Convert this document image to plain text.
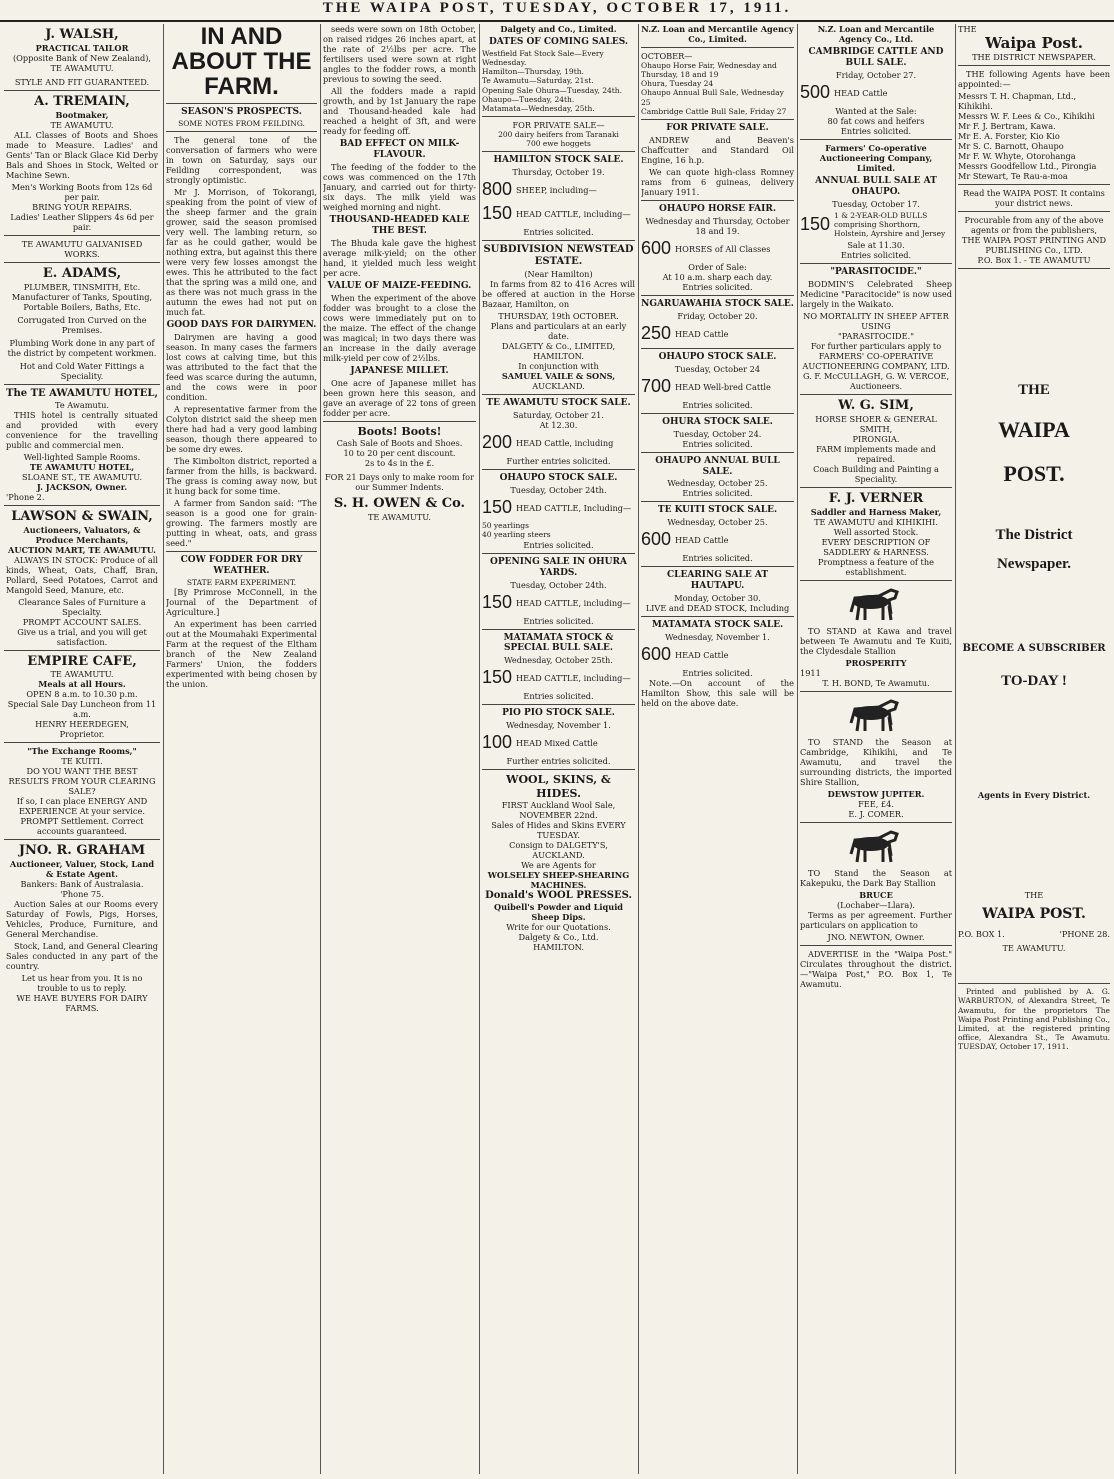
THE WAIPA POST, TUESDAY, OCTOBER 17, 1911.
J. WALSH,
PRACTICAL TAILOR
(Opposite Bank of New Zealand),
TE AWAMUTU.
STYLE AND FIT GUARANTEED.
A. TREMAIN,
Bootmaker,
TE AWAMUTU.

ALL Classes of Boots and Shoes made to Measure. Ladies' and Gents' Tan or Black Glace Kid Derby Bals and Shoes in Stock, Welted or Machine Sewn.

Men's Working Boots from 12s 6d per pair.
BRING YOUR REPAIRS.
Ladies' Leather Slippers 4s 6d per pair.
TE AWAMUTU GALVANISED WORKS.
E. ADAMS,
PLUMBER, TINSMITH, Etc.
Manufacturer of Tanks, Spouting, Portable Boilers, Baths, Etc.
Corrugated Iron Curved on the Premises.
Plumbing Work done in any part of the district by competent workmen.
Hot and Cold Water Fittings a Speciality.
The TE AWAMUTU HOTEL,
Te Awamutu.

THIS hotel is centrally situated and provided with every convenience for the travelling public and commercial men.

Well-lighted Sample Rooms.
TE AWAMUTU HOTEL,
SLOANE ST., TE AWAMUTU.
J. JACKSON, Owner.
'Phone 2.
LAWSON & SWAIN,
Auctioneers, Valuators, & Produce Merchants,
AUCTION MART, TE AWAMUTU.

ALWAYS IN STOCK: Produce of all kinds, Wheat, Oats, Chaff, Bran, Pollard, Seed Potatoes, Carrot and Mangold Seed, Manure, etc.

Clearance Sales of Furniture a Specialty.
PROMPT ACCOUNT SALES.
Give us a trial, and you will get satisfaction.
EMPIRE CAFE,
TE AWAMUTU.
Meals at all Hours.
OPEN 8 a.m. to 10.30 p.m.
Special Sale Day Luncheon from 11 a.m.
HENRY HEERDEGEN,
Proprietor.
"The Exchange Rooms,"
TE KUITI.
DO YOU WANT THE BEST RESULTS FROM YOUR CLEARING SALE?
If so, I can place ENERGY AND EXPERIENCE At your service.
PROMPT Settlement. Correct accounts guaranteed.
JNO. R. GRAHAM
Auctioneer, Valuer, Stock, Land & Estate Agent.
Bankers: Bank of Australasia. 'Phone 75.

Auction Sales at our Rooms every Saturday of Fowls, Pigs, Horses, Vehicles, Produce, Furniture, and General Merchandise.

Stock, Land, and General Clearing Sales conducted in any part of the country.

Let us hear from you. It is no trouble to us to reply.
WE HAVE BUYERS FOR DAIRY FARMS.
IN AND ABOUT THE FARM.
SEASON'S PROSPECTS.
SOME NOTES FROM FEILDING.

The general tone of the conversation of farmers who were in town on Saturday, says our Feilding correspondent, was strongly optimistic.

Mr J. Morrison, of Tokorangi, speaking from the point of view of the sheep farmer and the grain grower, said the season promised very well. The lambing return, so far as he could gather, would be nothing extra, but against this there were very few losses amongst the ewes. This he attributed to the fact that the spring was a mild one, and as there was not much grass in the autumn the ewes had not put on much fat.

GOOD DAYS FOR DAIRYMEN.

Dairymen are having a good season. In many cases the farmers lost cows at calving time, but this was attributed to the fact that the feed was scarce during the autumn, and the cows were in poor condition.

A representative farmer from the Colyton district said the sheep men there had had a very good lambing season, though there appeared to be some dry ewes.

The Kimbolton district, reported a farmer from the hills, is backward. The grass is coming away now, but it hung back for some time.

A farmer from Sandon said: "The season is a good one for grain-growing. The farmers mostly are putting in wheat, oats, and grass seed."

COW FODDER FOR DRY WEATHER.
STATE FARM EXPERIMENT.

[By Primrose McConnell, in the Journal of the Department of Agriculture.]

An experiment has been carried out at the Moumahaki Experimental Farm at the request of the Eltham branch of the New Zealand Farmers' Union, the fodders experimented with being chosen by the union.

seeds were sown on 18th October, on raised ridges 26 inches apart, at the rate of 2½lbs per acre. The fertilisers used were sown at right angles to the fodder rows, a month previous to sowing the seed.

All the fodders made a rapid growth, and by 1st January the rape and Thousand-headed kale had reached a height of 3ft, and were ready for feeding off.

BAD EFFECT ON MILK-FLAVOUR.

The feeding of the fodder to the cows was commenced on the 17th January, and carried out for thirty-six days. The milk yield was weighed morning and night.

THOUSAND-HEADED KALE THE BEST.

The Bhuda kale gave the highest average milk-yield; on the other hand, it yielded much less weight per acre.

VALUE OF MAIZE-FEEDING.

When the experiment of the above fodder was brought to a close the cows were immediately put on to the maize. The effect of the change was magical; in two days there was an increase in the daily average milk-yield per cow of 2½lbs.

JAPANESE MILLET.

One acre of Japanese millet has been grown here this season, and gave an average of 22 tons of green fodder per acre.

Boots! Boots!
Cash Sale of Boots and Shoes.
10 to 20 per cent discount.
2s to 4s in the £.
FOR 21 Days only to make room for our Summer Indents.
S. H. OWEN & Co.
TE AWAMUTU.
Dalgety and Co., Limited.
DATES OF COMING SALES.
Westfield Fat Stock Sale—Every Wednesday.
Hamilton—Thursday, 19th.
Te Awamutu—Saturday, 21st.
Opening Sale Ohura—Tuesday, 24th.
Ohaupo—Tuesday, 24th.
Matamata—Wednesday, 25th.
FOR PRIVATE SALE—
200 dairy heifers from Taranaki
700 ewe hoggets
HAMILTON STOCK SALE.
Thursday, October 19.
800 SHEEP, including—
150 HEAD CATTLE, including—
Entries solicited.
SUBDIVISION NEWSTEAD ESTATE.
(Near Hamilton)

In farms from 82 to 416 Acres will be offered at auction in the Horse Bazaar, Hamilton, on

THURSDAY, 19th OCTOBER.
Plans and particulars at an early date.
DALGETY & Co., LIMITED, HAMILTON.
In conjunction with
SAMUEL VAILE & SONS,
AUCKLAND.
TE AWAMUTU STOCK SALE.
Saturday, October 21.
At 12.30.
200 HEAD Cattle, including
Further entries solicited.
OHAUPO STOCK SALE.
Tuesday, October 24th.
150 HEAD CATTLE, Including—
50 yearlings
40 yearling steers
Entries solicited.
OPENING SALE IN OHURA YARDS.
Tuesday, October 24th.
150 HEAD CATTLE, including—
Entries solicited.
MATAMATA STOCK & SPECIAL BULL SALE.
Wednesday, October 25th.
150 HEAD CATTLE, including—
Entries solicited.
PIO PIO STOCK SALE.
Wednesday, November 1.
100 HEAD Mixed Cattle
Further entries solicited.
WOOL, SKINS, & HIDES.
FIRST Auckland Wool Sale, NOVEMBER 22nd.
Sales of Hides and Skins EVERY TUESDAY.
Consign to DALGETY'S, AUCKLAND.
We are Agents for
WOLSELEY SHEEP-SHEARING MACHINES.
Donald's WOOL PRESSES.
Quibell's Powder and Liquid Sheep Dips.
Write for our Quotations.
Dalgety & Co., Ltd.
HAMILTON.
N.Z. Loan and Mercantile Agency Co., Limited.
OCTOBER—
Ohaupo Horse Fair, Wednesday and Thursday, 18 and 19
Ohura, Tuesday 24
Ohaupo Annual Bull Sale, Wednesday 25
Cambridge Cattle Bull Sale, Friday 27
FOR PRIVATE SALE.

ANDREW and Beaven's Chaffcutter and Standard Oil Engine, 16 h.p.

We can quote high-class Romney rams from 6 guineas, delivery January 1911.

OHAUPO HORSE FAIR.
Wednesday and Thursday, October 18 and 19.
600 HORSES of All Classes
Order of Sale:
At 10 a.m. sharp each day.
Entries solicited.
NGARUAWAHIA STOCK SALE.
Friday, October 20.
250 HEAD Cattle
OHAUPO STOCK SALE.
Tuesday, October 24
700 HEAD Well-bred Cattle
Entries solicited.
OHURA STOCK SALE.
Tuesday, October 24.
Entries solicited.
OHAUPO ANNUAL BULL SALE.
Wednesday, October 25.
Entries solicited.
TE KUITI STOCK SALE.
Wednesday, October 25.
600 HEAD Cattle
Entries solicited.
CLEARING SALE AT HAUTAPU.
Monday, October 30.
LIVE and DEAD STOCK, Including
MATAMATA STOCK SALE.
Wednesday, November 1.
600 HEAD Cattle
Entries solicited.

Note.—On account of the Hamilton Show, this sale will be held on the above date.

N.Z. Loan and Mercantile Agency Co., Ltd.
CAMBRIDGE CATTLE AND BULL SALE.
Friday, October 27.
500 HEAD Cattle
Wanted at the Sale:
80 fat cows and heifers
Entries solicited.
Farmers' Co-operative Auctioneering Company, Limited.
ANNUAL BULL SALE AT OHAUPO.
Tuesday, October 17.
150 1 & 2-YEAR-OLD BULLS comprising Shorthorn, Holstein, Ayrshire and Jersey
Sale at 11.30.
Entries solicited.
"PARASITOCIDE."

BODMIN'S Celebrated Sheep Medicine "Paracitocide" is now used largely in the Waikato.

NO MORTALITY IN SHEEP AFTER USING
"PARASITOCIDE."
For further particulars apply to
FARMERS' CO-OPERATIVE AUCTIONEERING COMPANY, LTD.
G. F. McCULLAGH, G. W. VERCOE, Auctioneers.
W. G. SIM,
HORSE SHOER & GENERAL SMITH,
PIRONGIA.
FARM implements made and repaired.
Coach Building and Painting a Speciality.
F. J. VERNER
Saddler and Harness Maker,
TE AWAMUTU and KIHIKIHI.
Well assorted Stock.
EVERY DESCRIPTION OF SADDLERY & HARNESS.
Promptness a feature of the establishment.

TO STAND at Kawa and travel between Te Awamutu and Te Kuiti, the Clydesdale Stallion

PROSPERITY
1911
T. H. BOND, Te Awamutu.

TO STAND the Season at Cambridge, Kihikihi, and Te Awamutu, and travel the surrounding districts, the imported Shire Stallion,

DEWSTOW JUPITER.
FEE, £4.
E. J. COMER.

TO Stand the Season at Kakepuku, the Dark Bay Stallion

BRUCE
(Lochaber—Llara).

Terms as per agreement. Further particulars on application to

JNO. NEWTON, Owner.

ADVERTISE in the "Waipa Post." Circulates throughout the district.—"Waipa Post," P.O. Box 1, Te Awamutu.

THE
Waipa Post.
THE DISTRICT NEWSPAPER.

THE following Agents have been appointed:—

Messrs T. H. Chapman, Ltd., Kihikihi.
Messrs W. F. Lees & Co., Kihikihi
Mr F. J. Bertram, Kawa.
Mr E. A. Forster, Kio Kio
Mr S. C. Barnott, Ohaupo
Mr F. W. Whyte, Otorohanga
Messrs Goodfellow Ltd., Pirongia
Mr Stewart, Te Rau-a-moa
Read the WAIPA POST. It contains your district news.
Procurable from any of the above agents or from the publishers,
THE WAIPA POST PRINTING AND PUBLISHING Co., LTD.
P.O. Box 1. - TE AWAMUTU
THE
WAIPA
POST.
The District
Newspaper.
BECOME A SUBSCRIBER
TO-DAY !
Agents in Every District.
THE
WAIPA POST.
P.O. BOX 1.	'PHONE 28.
TE AWAMUTU.

Printed and published by A. G. WARBURTON, of Alexandra Street, Te Awamutu, for the proprietors The Waipa Post Printing and Publishing Co., Limited, at the registered printing office, Alexandra St., Te Awamutu. TUESDAY, October 17, 1911.
